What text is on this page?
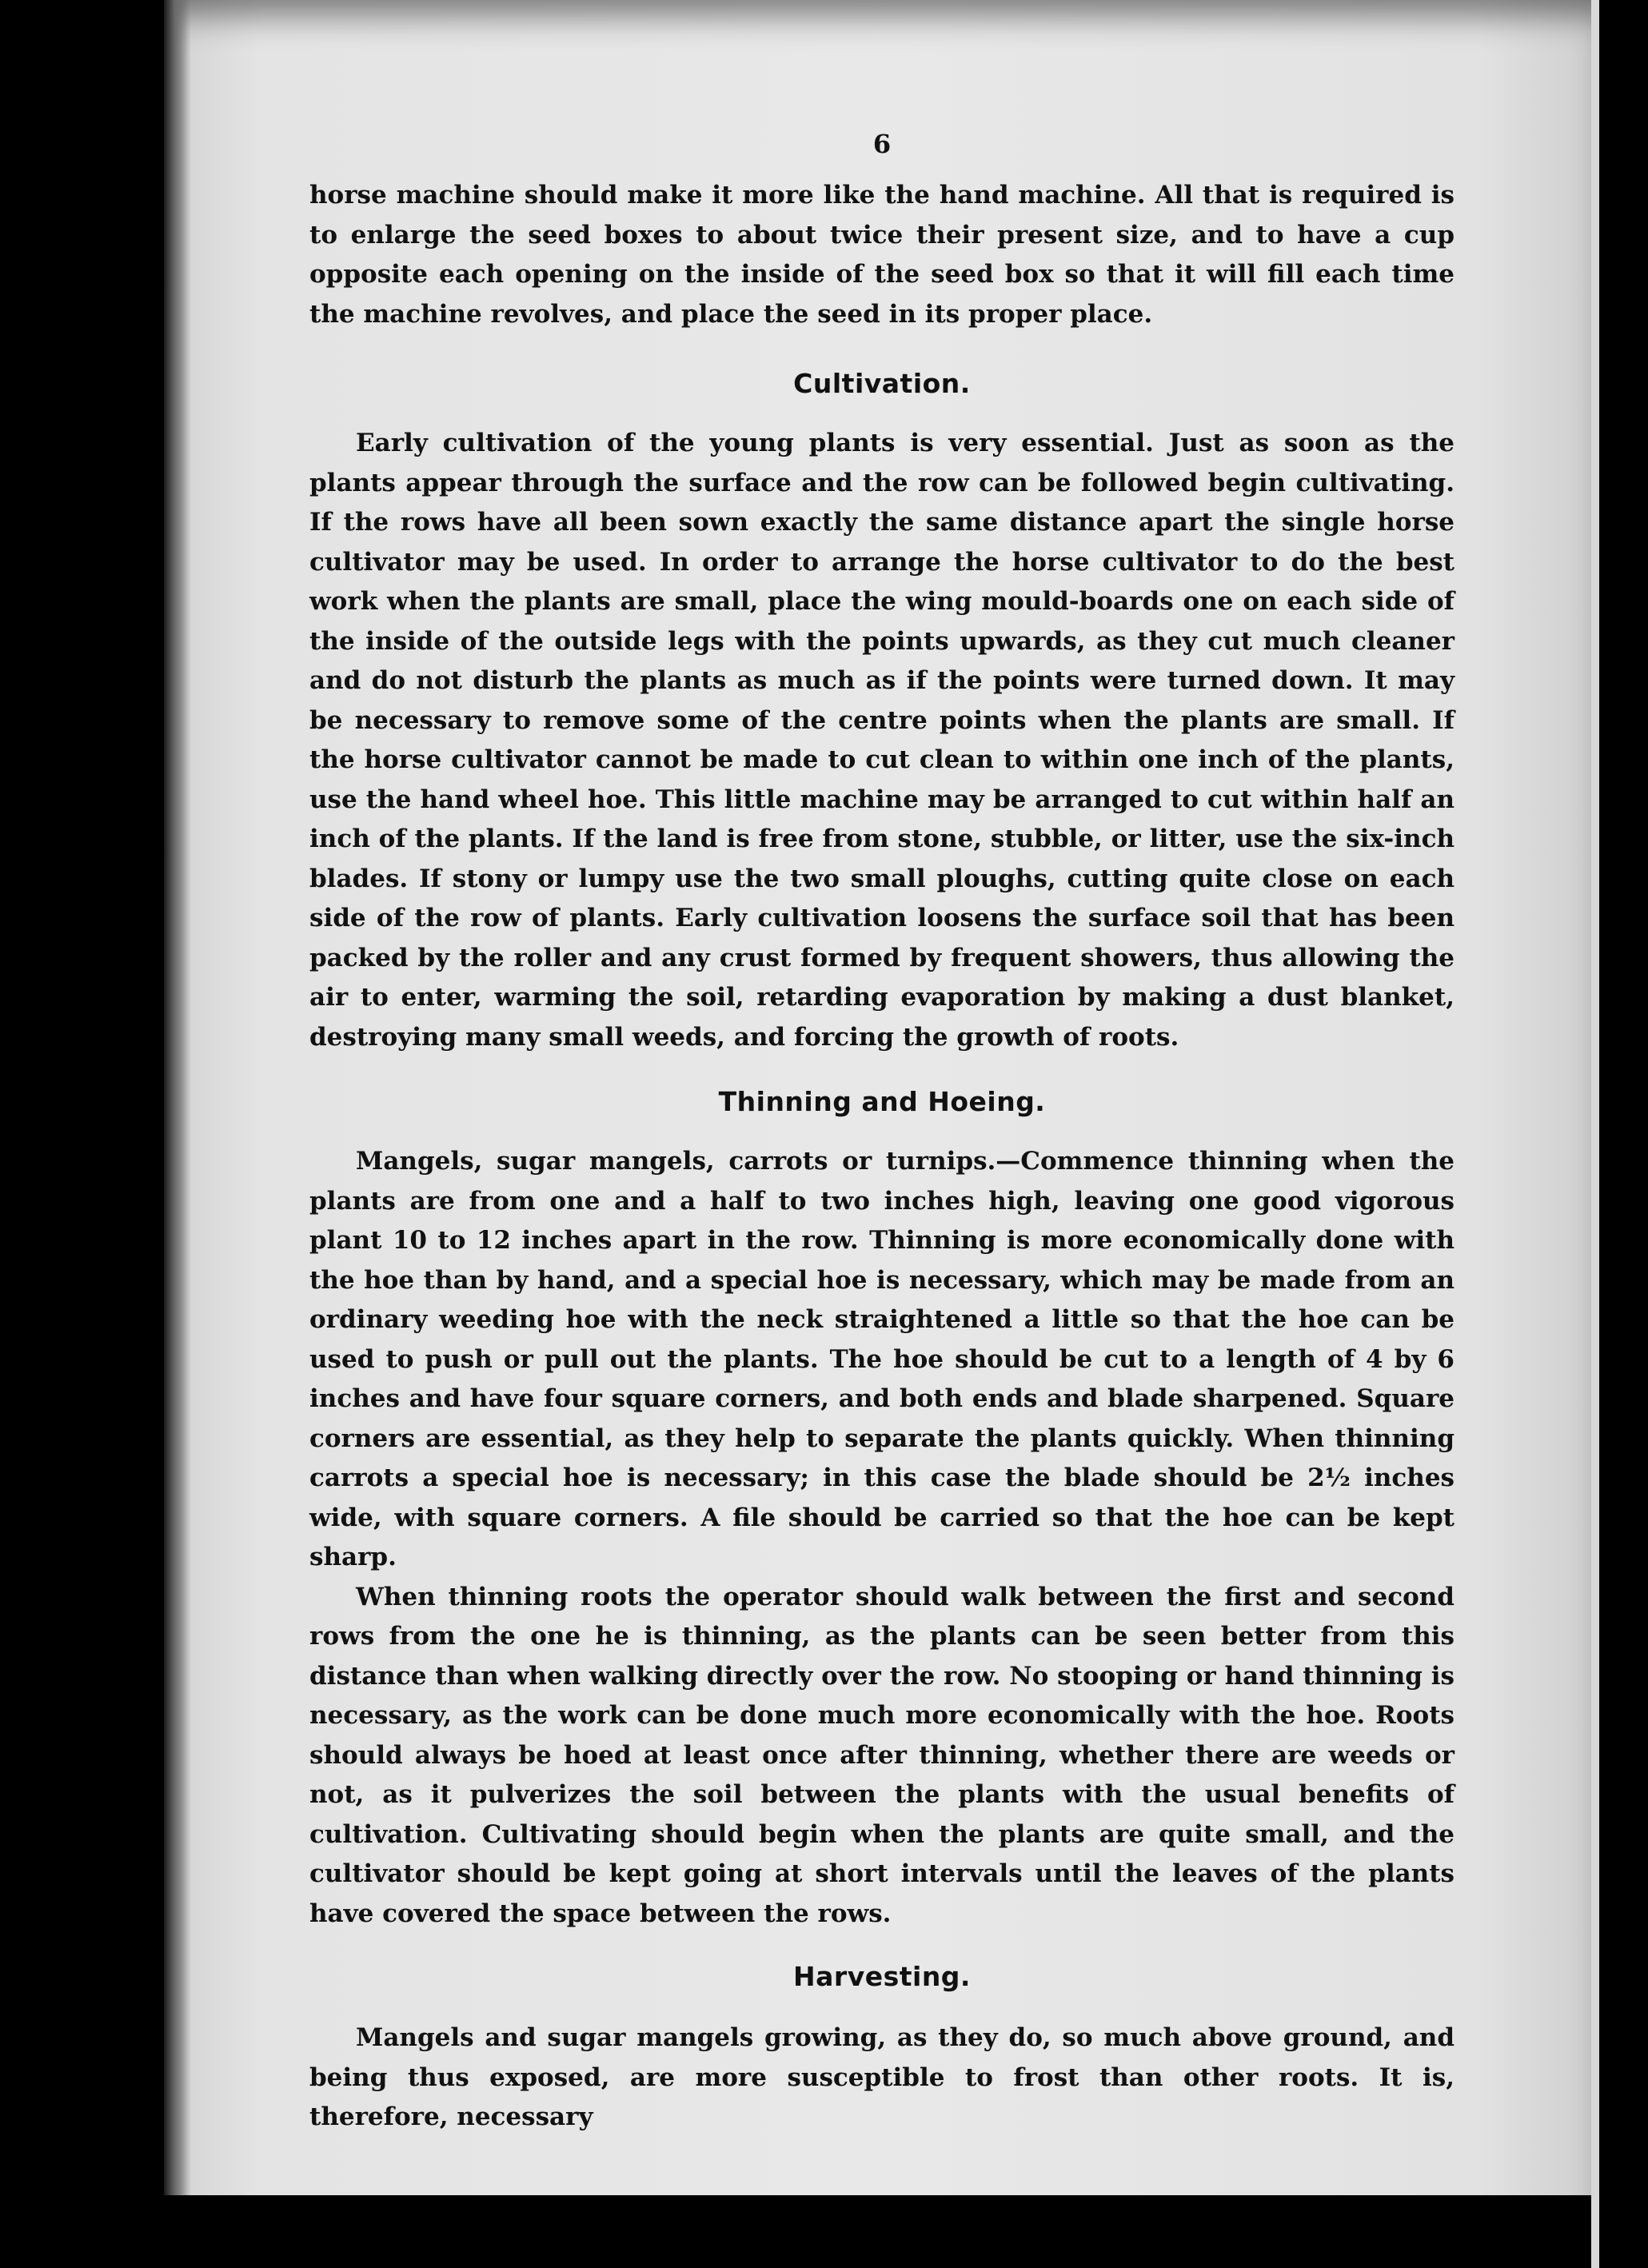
6

horse machine should make it more like the hand machine. All that is required is to enlarge the seed boxes to about twice their present size, and to have a cup opposite each opening on the inside of the seed box so that it will fill each time the machine revolves, and place the seed in its proper place.

Cultivation.

Early cultivation of the young plants is very essential. Just as soon as the plants appear through the surface and the row can be followed begin cultivating. If the rows have all been sown exactly the same distance apart the single horse cultivator may be used. In order to arrange the horse cultivator to do the best work when the plants are small, place the wing mould-boards one on each side of the inside of the outside legs with the points upwards, as they cut much cleaner and do not disturb the plants as much as if the points were turned down. It may be necessary to remove some of the centre points when the plants are small. If the horse cultivator cannot be made to cut clean to within one inch of the plants, use the hand wheel hoe. This little machine may be arranged to cut within half an inch of the plants. If the land is free from stone, stubble, or litter, use the six-inch blades. If stony or lumpy use the two small ploughs, cutting quite close on each side of the row of plants. Early cultivation loosens the surface soil that has been packed by the roller and any crust formed by frequent showers, thus allowing the air to enter, warming the soil, retarding evaporation by making a dust blanket, destroying many small weeds, and forcing the growth of roots.

Thinning and Hoeing.

Mangels, sugar mangels, carrots or turnips.—Commence thinning when the plants are from one and a half to two inches high, leaving one good vigorous plant 10 to 12 inches apart in the row. Thinning is more economically done with the hoe than by hand, and a special hoe is necessary, which may be made from an ordinary weeding hoe with the neck straightened a little so that the hoe can be used to push or pull out the plants. The hoe should be cut to a length of 4 by 6 inches and have four square corners, and both ends and blade sharpened. Square corners are essential, as they help to separate the plants quickly. When thinning carrots a special hoe is necessary; in this case the blade should be 2½ inches wide, with square corners. A file should be carried so that the hoe can be kept sharp.

When thinning roots the operator should walk between the first and second rows from the one he is thinning, as the plants can be seen better from this distance than when walking directly over the row. No stooping or hand thinning is necessary, as the work can be done much more economically with the hoe. Roots should always be hoed at least once after thinning, whether there are weeds or not, as it pulverizes the soil between the plants with the usual benefits of cultivation. Cultivating should begin when the plants are quite small, and the cultivator should be kept going at short intervals until the leaves of the plants have covered the space between the rows.

Harvesting.

Mangels and sugar mangels growing, as they do, so much above ground, and being thus exposed, are more susceptible to frost than other roots. It is, therefore, necessary
